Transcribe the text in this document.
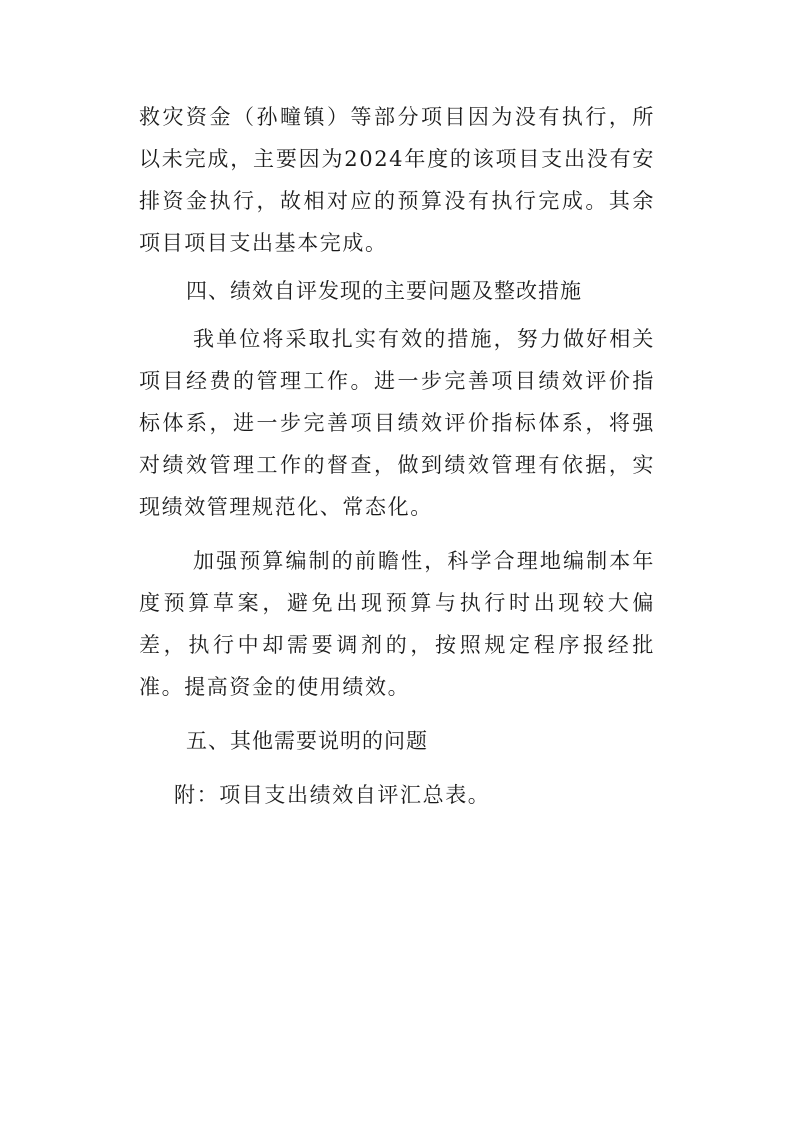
救灾资金（孙疃镇）等部分项目因为没有执行，所以未完成，主要因为2024年度的该项目支出没有安排资金执行，故相对应的预算没有执行完成。其余项目项目支出基本完成。

四、绩效自评发现的主要问题及整改措施

我单位将采取扎实有效的措施，努力做好相关项目经费的管理工作。进一步完善项目绩效评价指标体系，进一步完善项目绩效评价指标体系，将强对绩效管理工作的督查，做到绩效管理有依据，实现绩效管理规范化、常态化。

加强预算编制的前瞻性，科学合理地编制本年度预算草案，避免出现预算与执行时出现较大偏差，执行中却需要调剂的，按照规定程序报经批准。提高资金的使用绩效。

五、其他需要说明的问题

附：项目支出绩效自评汇总表。
